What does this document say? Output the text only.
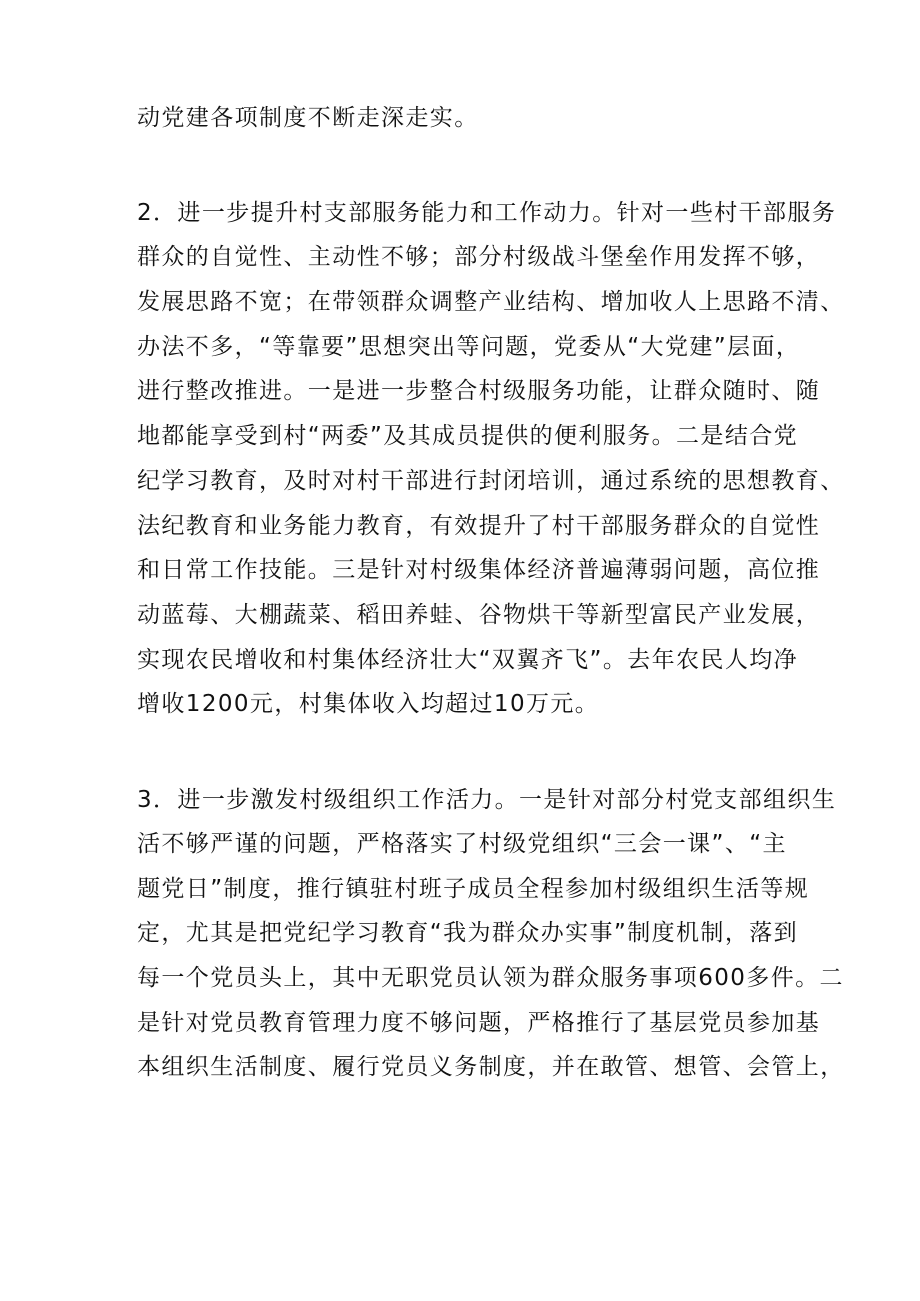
动党建各项制度不断走深走实。
2．进一步提升村支部服务能力和工作动力。针对一些村干部服务
群众的自觉性、主动性不够；部分村级战斗堡垒作用发挥不够，
发展思路不宽；在带领群众调整产业结构、增加收人上思路不清、
办法不多，“等靠要”思想突出等问题，党委从“大党建”层面，
进行整改推进。一是进一步整合村级服务功能，让群众随时、随
地都能享受到村“两委”及其成员提供的便利服务。二是结合党
纪学习教育，及时对村干部进行封闭培训，通过系统的思想教育、
法纪教育和业务能力教育，有效提升了村干部服务群众的自觉性
和日常工作技能。三是针对村级集体经济普遍薄弱问题，高位推
动蓝莓、大棚蔬菜、稻田养蛙、谷物烘干等新型富民产业发展，
实现农民增收和村集体经济壮大“双翼齐飞”。去年农民人均净
增收1200元，村集体收入均超过10万元。
3．进一步激发村级组织工作活力。一是针对部分村党支部组织生
活不够严谨的问题，严格落实了村级党组织“三会一课”、“主
题党日”制度，推行镇驻村班子成员全程参加村级组织生活等规
定，尤其是把党纪学习教育“我为群众办实事”制度机制，落到
每一个党员头上，其中无职党员认领为群众服务事项600多件。二
是针对党员教育管理力度不够问题，严格推行了基层党员参加基
本组织生活制度、履行党员义务制度，并在敢管、想管、会管上，
